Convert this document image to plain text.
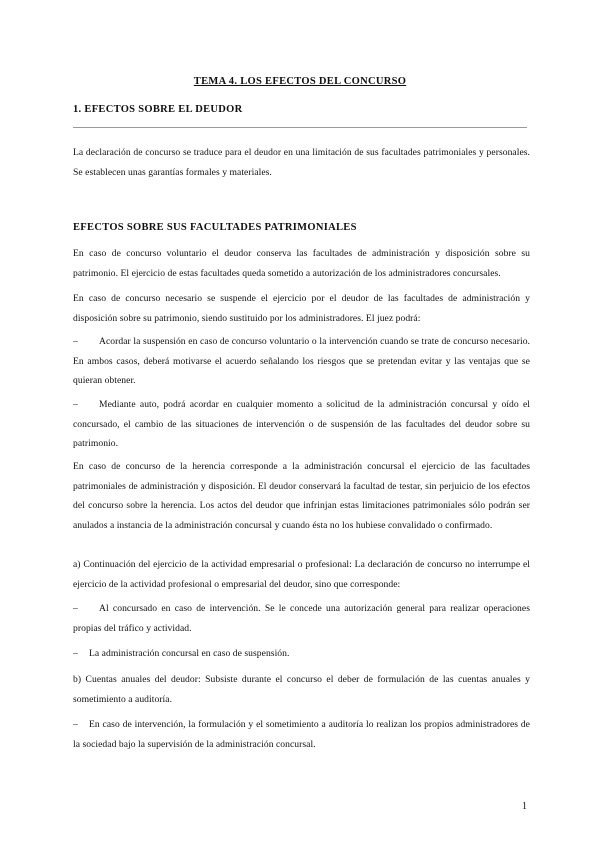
TEMA 4. LOS EFECTOS DEL CONCURSO
1. EFECTOS SOBRE EL DEUDOR
La declaración de concurso se traduce para el deudor en una limitación de sus facultades patrimoniales y personales. Se establecen unas garantías formales y materiales.
EFECTOS SOBRE SUS FACULTADES PATRIMONIALES
En caso de concurso voluntario el deudor conserva las facultades de administración y disposición sobre su patrimonio. El ejercicio de estas facultades queda sometido a autorización de los administradores concursales.
En caso de concurso necesario se suspende el ejercicio por el deudor de las facultades de administración y disposición sobre su patrimonio, siendo sustituido por los administradores. El juez podrá:
– Acordar la suspensión en caso de concurso voluntario o la intervención cuando se trate de concurso necesario. En ambos casos, deberá motivarse el acuerdo señalando los riesgos que se pretendan evitar y las ventajas que se quieran obtener.
– Mediante auto, podrá acordar en cualquier momento a solicitud de la administración concursal y oído el concursado, el cambio de las situaciones de intervención o de suspensión de las facultades del deudor sobre su patrimonio.
En caso de concurso de la herencia corresponde a la administración concursal el ejercicio de las facultades patrimoniales de administración y disposición. El deudor conservará la facultad de testar, sin perjuicio de los efectos del concurso sobre la herencia. Los actos del deudor que infrinjan estas limitaciones patrimoniales sólo podrán ser anulados a instancia de la administración concursal y cuando ésta no los hubiese convalidado o confirmado.
a) Continuación del ejercicio de la actividad empresarial o profesional: La declaración de concurso no interrumpe el ejercicio de la actividad profesional o empresarial del deudor, sino que corresponde:
– Al concursado en caso de intervención. Se le concede una autorización general para realizar operaciones propias del tráfico y actividad.
– La administración concursal en caso de suspensión.
b) Cuentas anuales del deudor: Subsiste durante el concurso el deber de formulación de las cuentas anuales y sometimiento a auditoría.
– En caso de intervención, la formulación y el sometimiento a auditoría lo realizan los propios administradores de la sociedad bajo la supervisión de la administración concursal.
1
